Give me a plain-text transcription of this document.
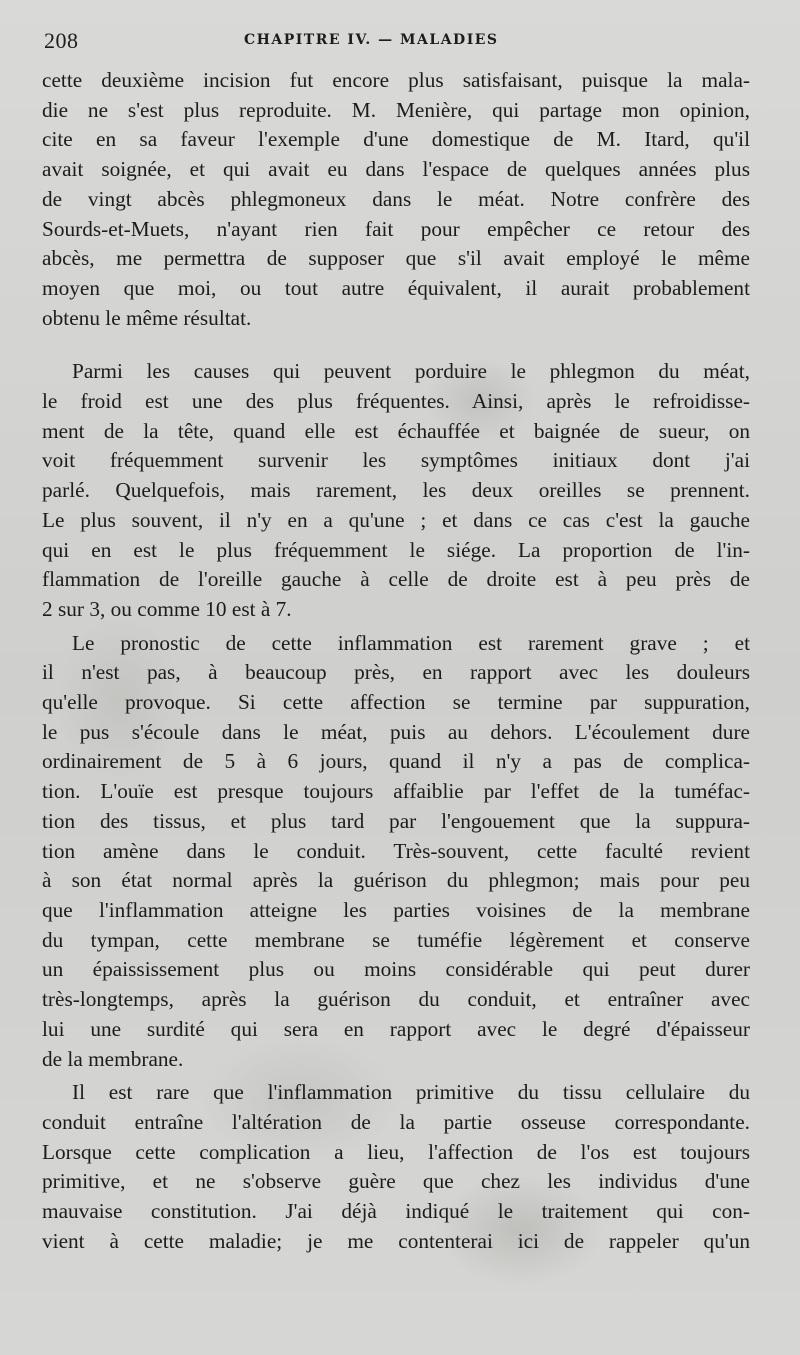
208	CHAPITRE IV. — MALADIES

cette deuxième incision fut encore plus satisfaisant, puisque la mala-
die ne s'est plus reproduite. M. Menière, qui partage mon opinion,
cite en sa faveur l'exemple d'une domestique de M. Itard, qu'il
avait soignée, et qui avait eu dans l'espace de quelques années plus
de vingt abcès phlegmoneux dans le méat. Notre confrère des
Sourds-et-Muets, n'ayant rien fait pour empêcher ce retour des
abcès, me permettra de supposer que s'il avait employé le même
moyen que moi, ou tout autre équivalent, il aurait probablement
obtenu le même résultat.

Parmi les causes qui peuvent porduire le phlegmon du méat,
le froid est une des plus fréquentes. Ainsi, après le refroidisse-
ment de la tête, quand elle est échauffée et baignée de sueur, on
voit fréquemment survenir les symptômes initiaux dont j'ai
parlé. Quelquefois, mais rarement, les deux oreilles se prennent.
Le plus souvent, il n'y en a qu'une ; et dans ce cas c'est la gauche
qui en est le plus fréquemment le siége. La proportion de l'in-
flammation de l'oreille gauche à celle de droite est à peu près de
2 sur 3, ou comme 10 est à 7.

Le pronostic de cette inflammation est rarement grave ; et
il n'est pas, à beaucoup près, en rapport avec les douleurs
qu'elle provoque. Si cette affection se termine par suppuration,
le pus s'écoule dans le méat, puis au dehors. L'écoulement dure
ordinairement de 5 à 6 jours, quand il n'y a pas de complica-
tion. L'ouïe est presque toujours affaiblie par l'effet de la tuméfac-
tion des tissus, et plus tard par l'engouement que la suppura-
tion amène dans le conduit. Très-souvent, cette faculté revient
à son état normal après la guérison du phlegmon; mais pour peu
que l'inflammation atteigne les parties voisines de la membrane
du tympan, cette membrane se tuméfie légèrement et conserve
un épaississement plus ou moins considérable qui peut durer
très-longtemps, après la guérison du conduit, et entraîner avec
lui une surdité qui sera en rapport avec le degré d'épaisseur
de la membrane.

Il est rare que l'inflammation primitive du tissu cellulaire du
conduit entraîne l'altération de la partie osseuse correspondante.
Lorsque cette complication a lieu, l'affection de l'os est toujours
primitive, et ne s'observe guère que chez les individus d'une
mauvaise constitution. J'ai déjà indiqué le traitement qui con-
vient à cette maladie; je me contenterai ici de rappeler qu'un
